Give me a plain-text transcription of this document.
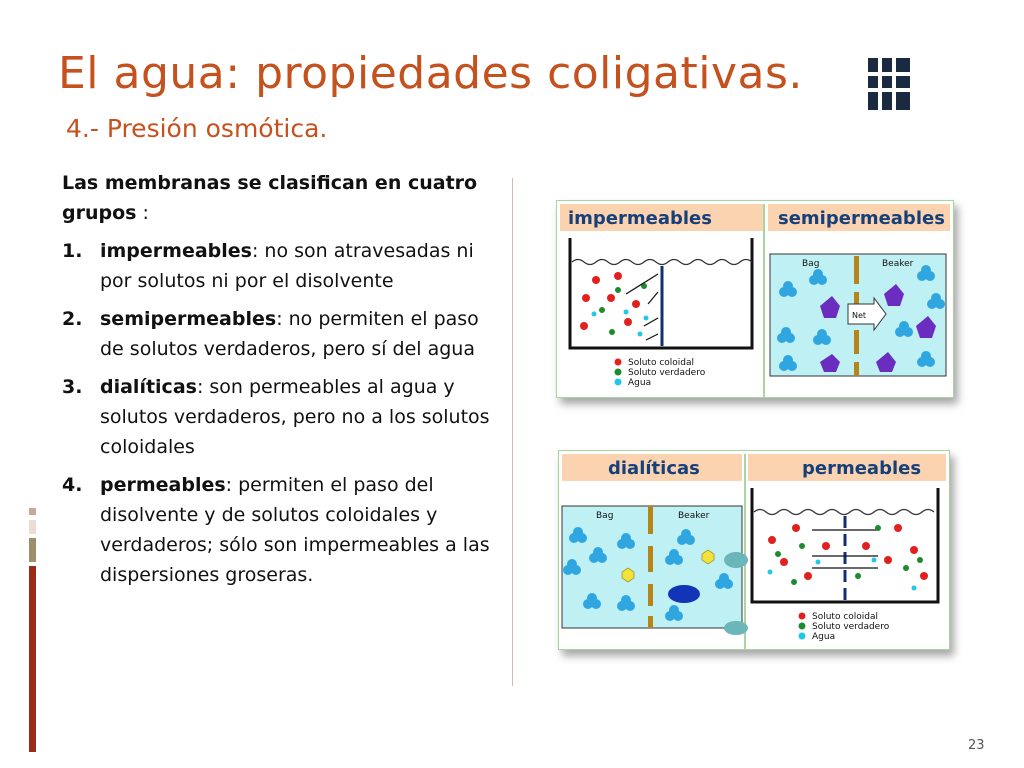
El agua: propiedades coligativas.
4.- Presión osmótica.

Las membranas se clasifican en cuatro grupos :

1. impermeables: no son atravesadas ni por solutos ni por el disolvente
2. semipermeables: no permiten el paso de solutos verdaderos, pero sí del agua
3. dialíticas: son permeables al agua y solutos verdaderos, pero no a los solutos coloidales
4. permeables: permiten el paso del disolvente y de solutos coloidales y verdaderos; sólo son impermeables a las dispersiones groseras.
impermeables	semipermeables
Soluto coloidal
Soluto verdadero
Agua
Bag	Beaker
Net
dialíticas	permeables
Bag	Beaker
Soluto coloidal
Soluto verdadero
Agua
23
